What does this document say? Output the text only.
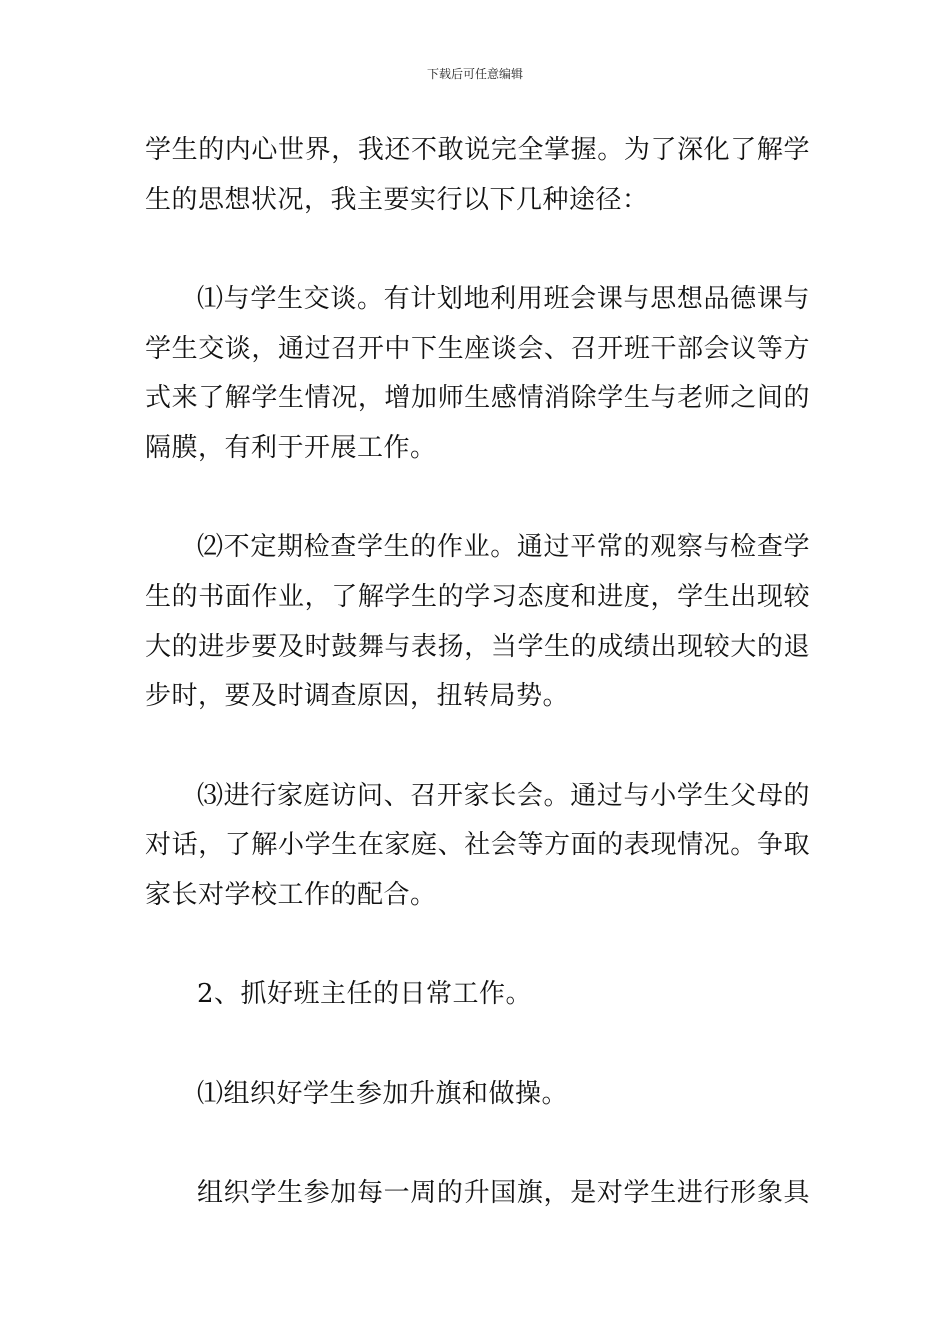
下载后可任意编辑
学生的内心世界，我还不敢说完全掌握。为了深化了解学
生的思想状况，我主要实行以下几种途径：
⑴与学生交谈。有计划地利用班会课与思想品德课与
学生交谈，通过召开中下生座谈会、召开班干部会议等方
式来了解学生情况，增加师生感情消除学生与老师之间的
隔膜，有利于开展工作。
⑵不定期检查学生的作业。通过平常的观察与检查学
生的书面作业，了解学生的学习态度和进度，学生出现较
大的进步要及时鼓舞与表扬，当学生的成绩出现较大的退
步时，要及时调查原因，扭转局势。
⑶进行家庭访问、召开家长会。通过与小学生父母的
对话，了解小学生在家庭、社会等方面的表现情况。争取
家长对学校工作的配合。
2、抓好班主任的日常工作。
⑴组织好学生参加升旗和做操。
组织学生参加每一周的升国旗，是对学生进行形象具
